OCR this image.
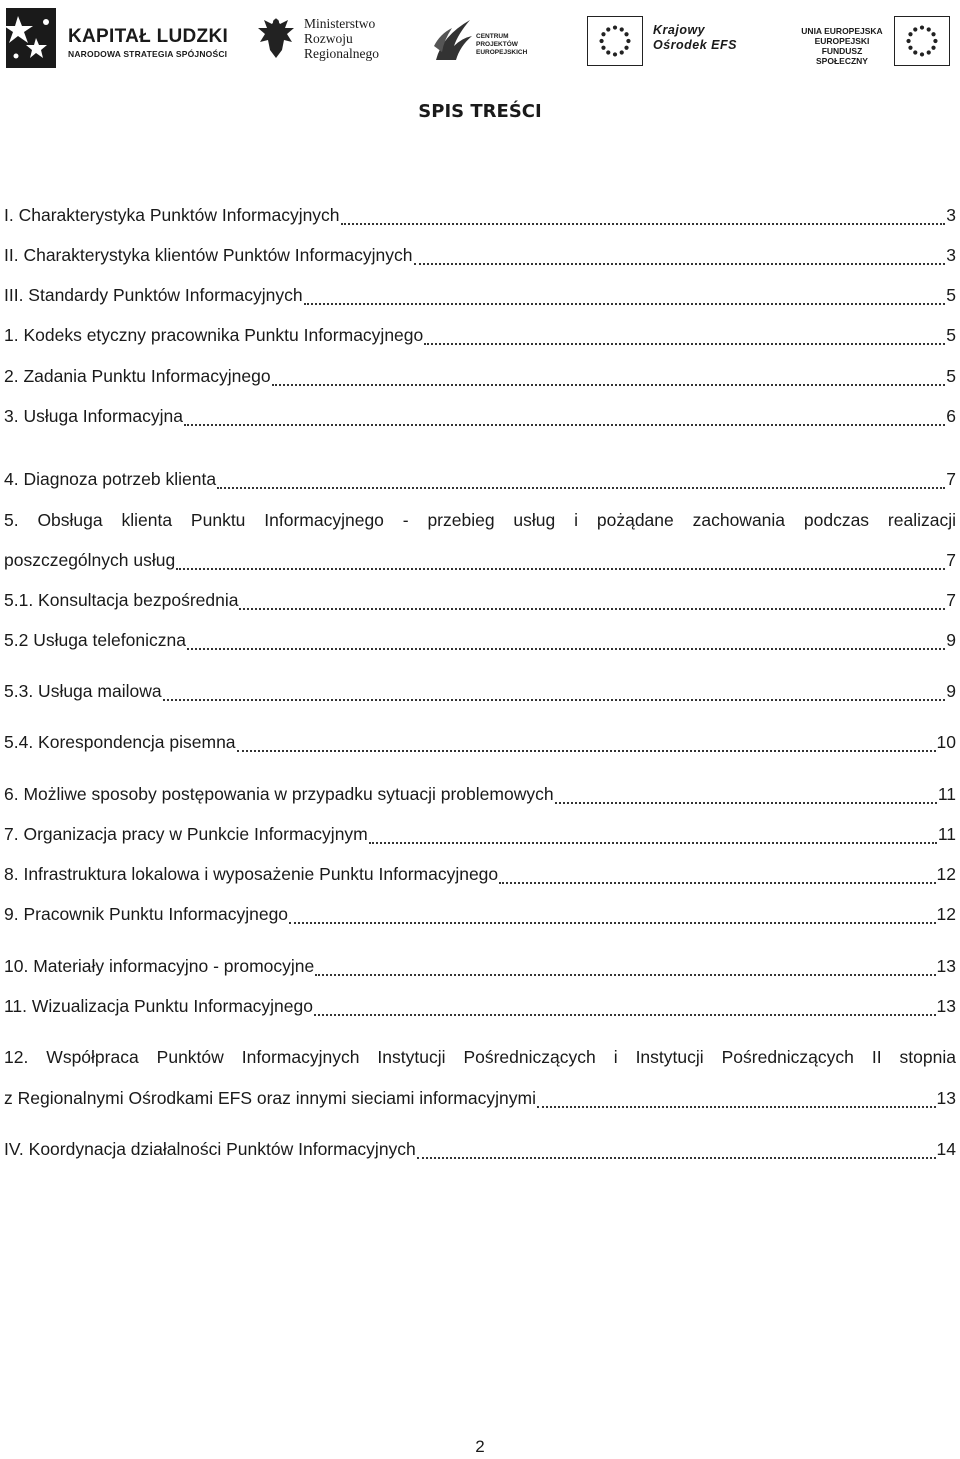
KAPITAŁ LUDZKI
NARODOWA STRATEGIA SPÓJNOŚCI
Ministerstwo
Rozwoju
Regionalnego
CENTRUM PROJEKTÓW
EUROPEJSKICH
Krajowy
Ośrodek EFS
UNIA EUROPEJSKA
EUROPEJSKI
FUNDUSZ SPOŁECZNY
SPIS TREŚCI
I. Charakterystyka Punktów Informacyjnych	3
II. Charakterystyka klientów Punktów Informacyjnych	3
III. Standardy Punktów Informacyjnych	5
1. Kodeks etyczny pracownika Punktu Informacyjnego	5
2. Zadania Punktu Informacyjnego	5
3. Usługa Informacyjna	6
4. Diagnoza potrzeb klienta	7
5. Obsługa klienta Punktu Informacyjnego - przebieg usług i pożądane zachowania podczas realizacji
poszczególnych usług	7
5.1. Konsultacja bezpośrednia	7
5.2 Usługa telefoniczna	9
5.3. Usługa mailowa	9
5.4. Korespondencja pisemna	10
6. Możliwe sposoby postępowania w przypadku sytuacji problemowych	11
7. Organizacja pracy w Punkcie Informacyjnym	11
8. Infrastruktura lokalowa i wyposażenie Punktu Informacyjnego	12
9. Pracownik Punktu Informacyjnego	12
10. Materiały informacyjno - promocyjne	13
11. Wizualizacja Punktu Informacyjnego	13
12. Współpraca Punktów Informacyjnych Instytucji Pośredniczących i Instytucji Pośredniczących II stopnia
z Regionalnymi Ośrodkami EFS oraz innymi sieciami informacyjnymi	13
IV. Koordynacja działalności Punktów Informacyjnych	14
2
